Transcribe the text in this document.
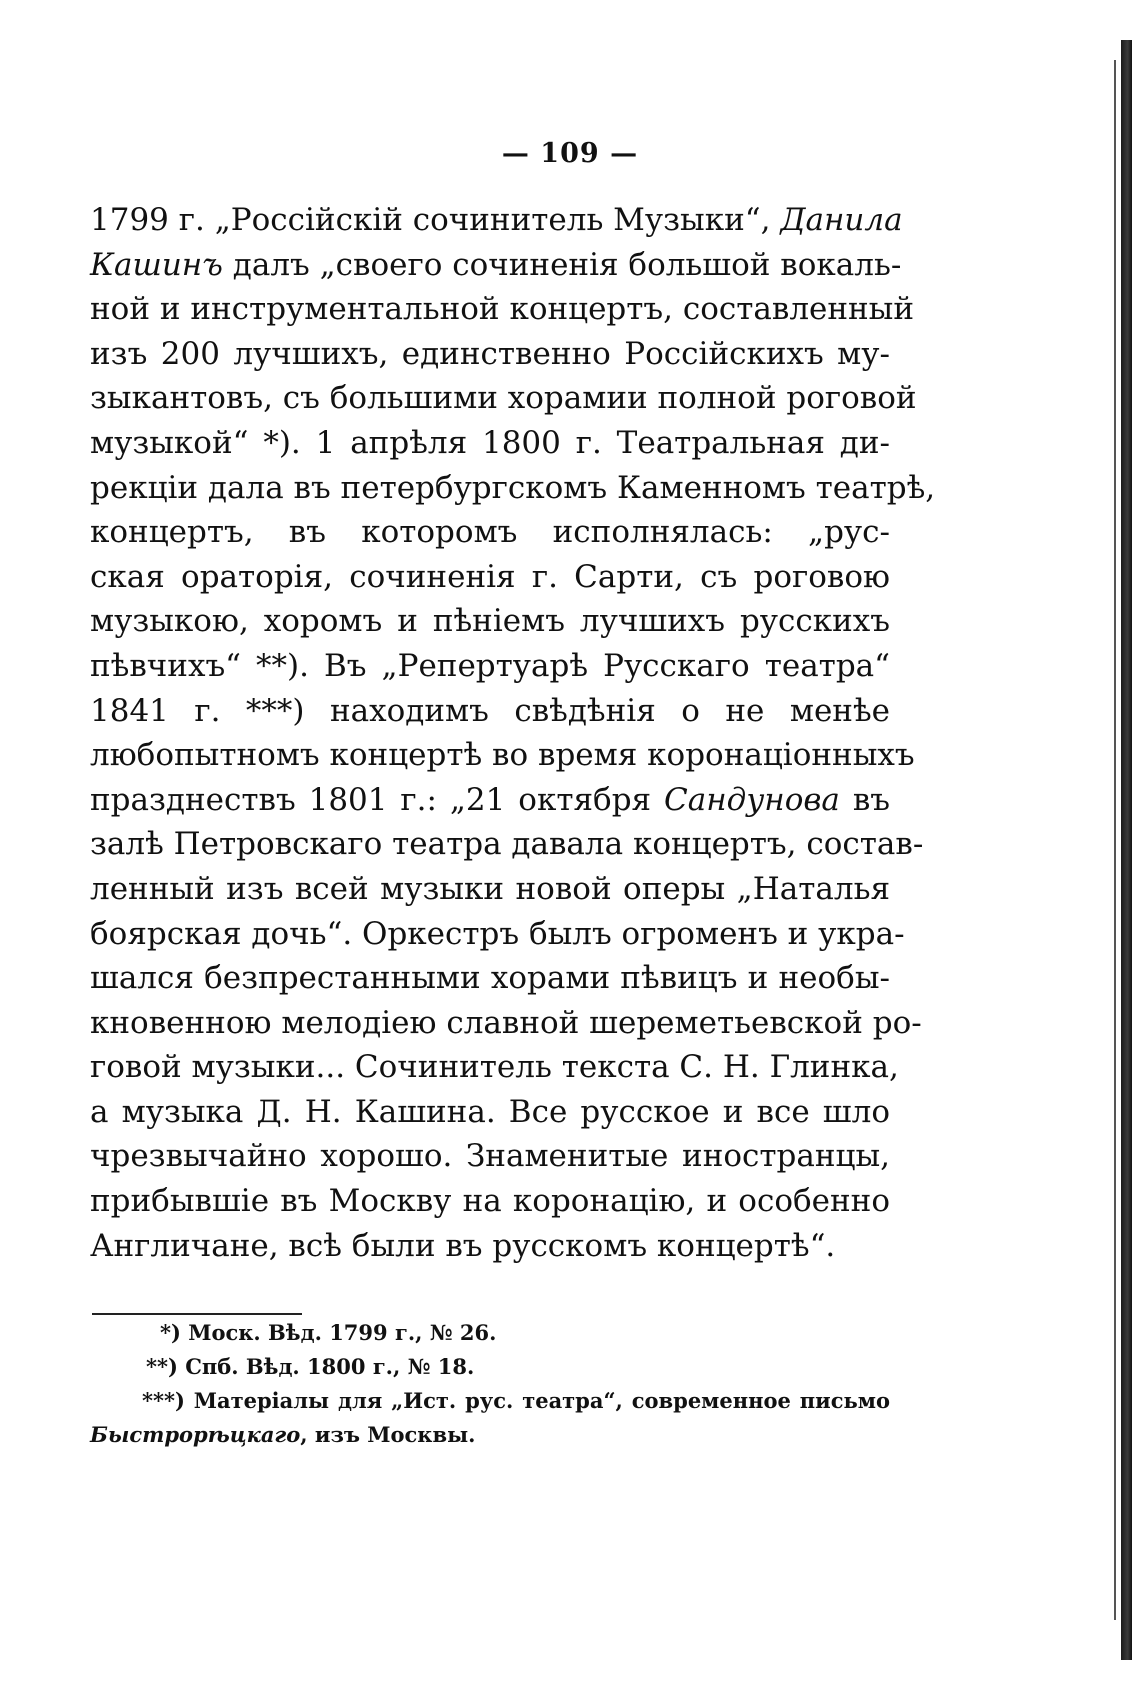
— 109 —
1799 г. „Россійскій сочинитель Музыки“, Данила
Кашинъ далъ „своего сочиненія большой вокаль-
ной и инструментальной концертъ, составленный
изъ 200 лучшихъ, единственно Россійскихъ му-
зыкантовъ, съ большими хорамии полной роговой
музыкой“ *). 1 апрѣля 1800 г. Театральная ди-
рекціи дала въ петербургскомъ Каменномъ театрѣ,
концертъ, въ которомъ исполнялась: „рус-
ская ораторія, сочиненія г. Сарти, съ роговою
музыкою, хоромъ и пѣніемъ лучшихъ русскихъ
пѣвчихъ“ **). Въ „Репертуарѣ Русскаго театра“
1841 г. ***) находимъ свѣдѣнія о не менѣе
любопытномъ концертѣ во время коронаціонныхъ
празднествъ 1801 г.: „21 октября Сандунова въ
залѣ Петровскаго театра давала концертъ, состав-
ленный изъ всей музыки новой оперы „Наталья
боярская дочь“. Оркестръ былъ огроменъ и укра-
шался безпрестанными хорами пѣвицъ и необы-
кновенною мелодіею славной шереметьевской ро-
говой музыки... Сочинитель текста С. Н. Глинка,
а музыка Д. Н. Кашина. Все русское и все шло
чрезвычайно хорошо. Знаменитые иностранцы,
прибывшіе въ Москву на коронацію, и особенно
Англичане, всѣ были въ русскомъ концертѣ“.
*) Моск. Вѣд. 1799 г., № 26.
**) Спб. Вѣд. 1800 г., № 18.
***) Матеріалы для „Ист. рус. театра“, современное письмо
Быстрорѣцкаго, изъ Москвы.
